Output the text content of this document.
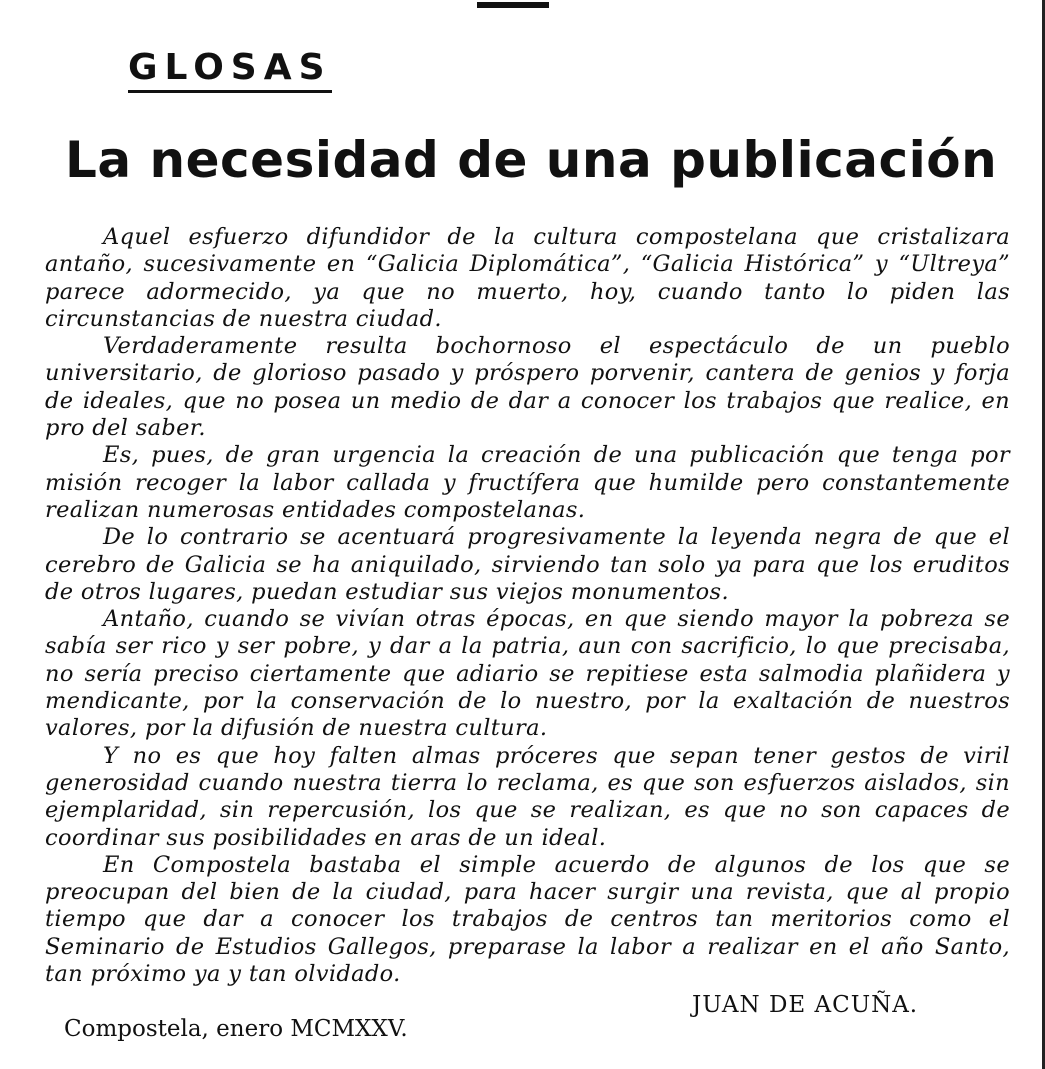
GLOSAS
La necesidad de una publicación

Aquel esfuerzo difundidor de la cultura compostelana que cristalizara antaño, sucesivamente en “Galicia Diplomática”, “Galicia Histórica” y “Ultreya” parece adormecido, ya que no muerto, hoy, cuando tanto lo piden las circunstancias de nuestra ciudad.

Verdaderamente resulta bochornoso el espectáculo de un pueblo universitario, de glorioso pasado y próspero porvenir, cantera de genios y forja de ideales, que no posea un medio de dar a conocer los trabajos que realice, en pro del saber.

Es, pues, de gran urgencia la creación de una publicación que tenga por misión recoger la labor callada y fructífera que humilde pero constantemente realizan numerosas entidades compostelanas.

De lo contrario se acentuará progresivamente la leyenda negra de que el cerebro de Galicia se ha aniquilado, sirviendo tan solo ya para que los eruditos de otros lugares, puedan estudiar sus viejos monumentos.

Antaño, cuando se vivían otras épocas, en que siendo mayor la pobreza se sabía ser rico y ser pobre, y dar a la patria, aun con sacrificio, lo que precisaba, no sería preciso ciertamente que adiario se repitiese esta salmodia plañidera y mendicante, por la conservación de lo nuestro, por la exaltación de nuestros valores, por la difusión de nuestra cultura.

Y no es que hoy falten almas próceres que sepan tener gestos de viril generosidad cuando nuestra tierra lo reclama, es que son esfuerzos aislados, sin ejemplaridad, sin repercusión, los que se realizan, es que no son capaces de coordinar sus posibilidades en aras de un ideal.

En Compostela bastaba el simple acuerdo de algunos de los que se preocupan del bien de la ciudad, para hacer surgir una revista, que al propio tiempo que dar a conocer los trabajos de centros tan meritorios como el Seminario de Estudios Gallegos, preparase la labor a realizar en el año Santo, tan próximo ya y tan olvidado.

JUAN DE ACUÑA.
Compostela, enero MCMXXV.
